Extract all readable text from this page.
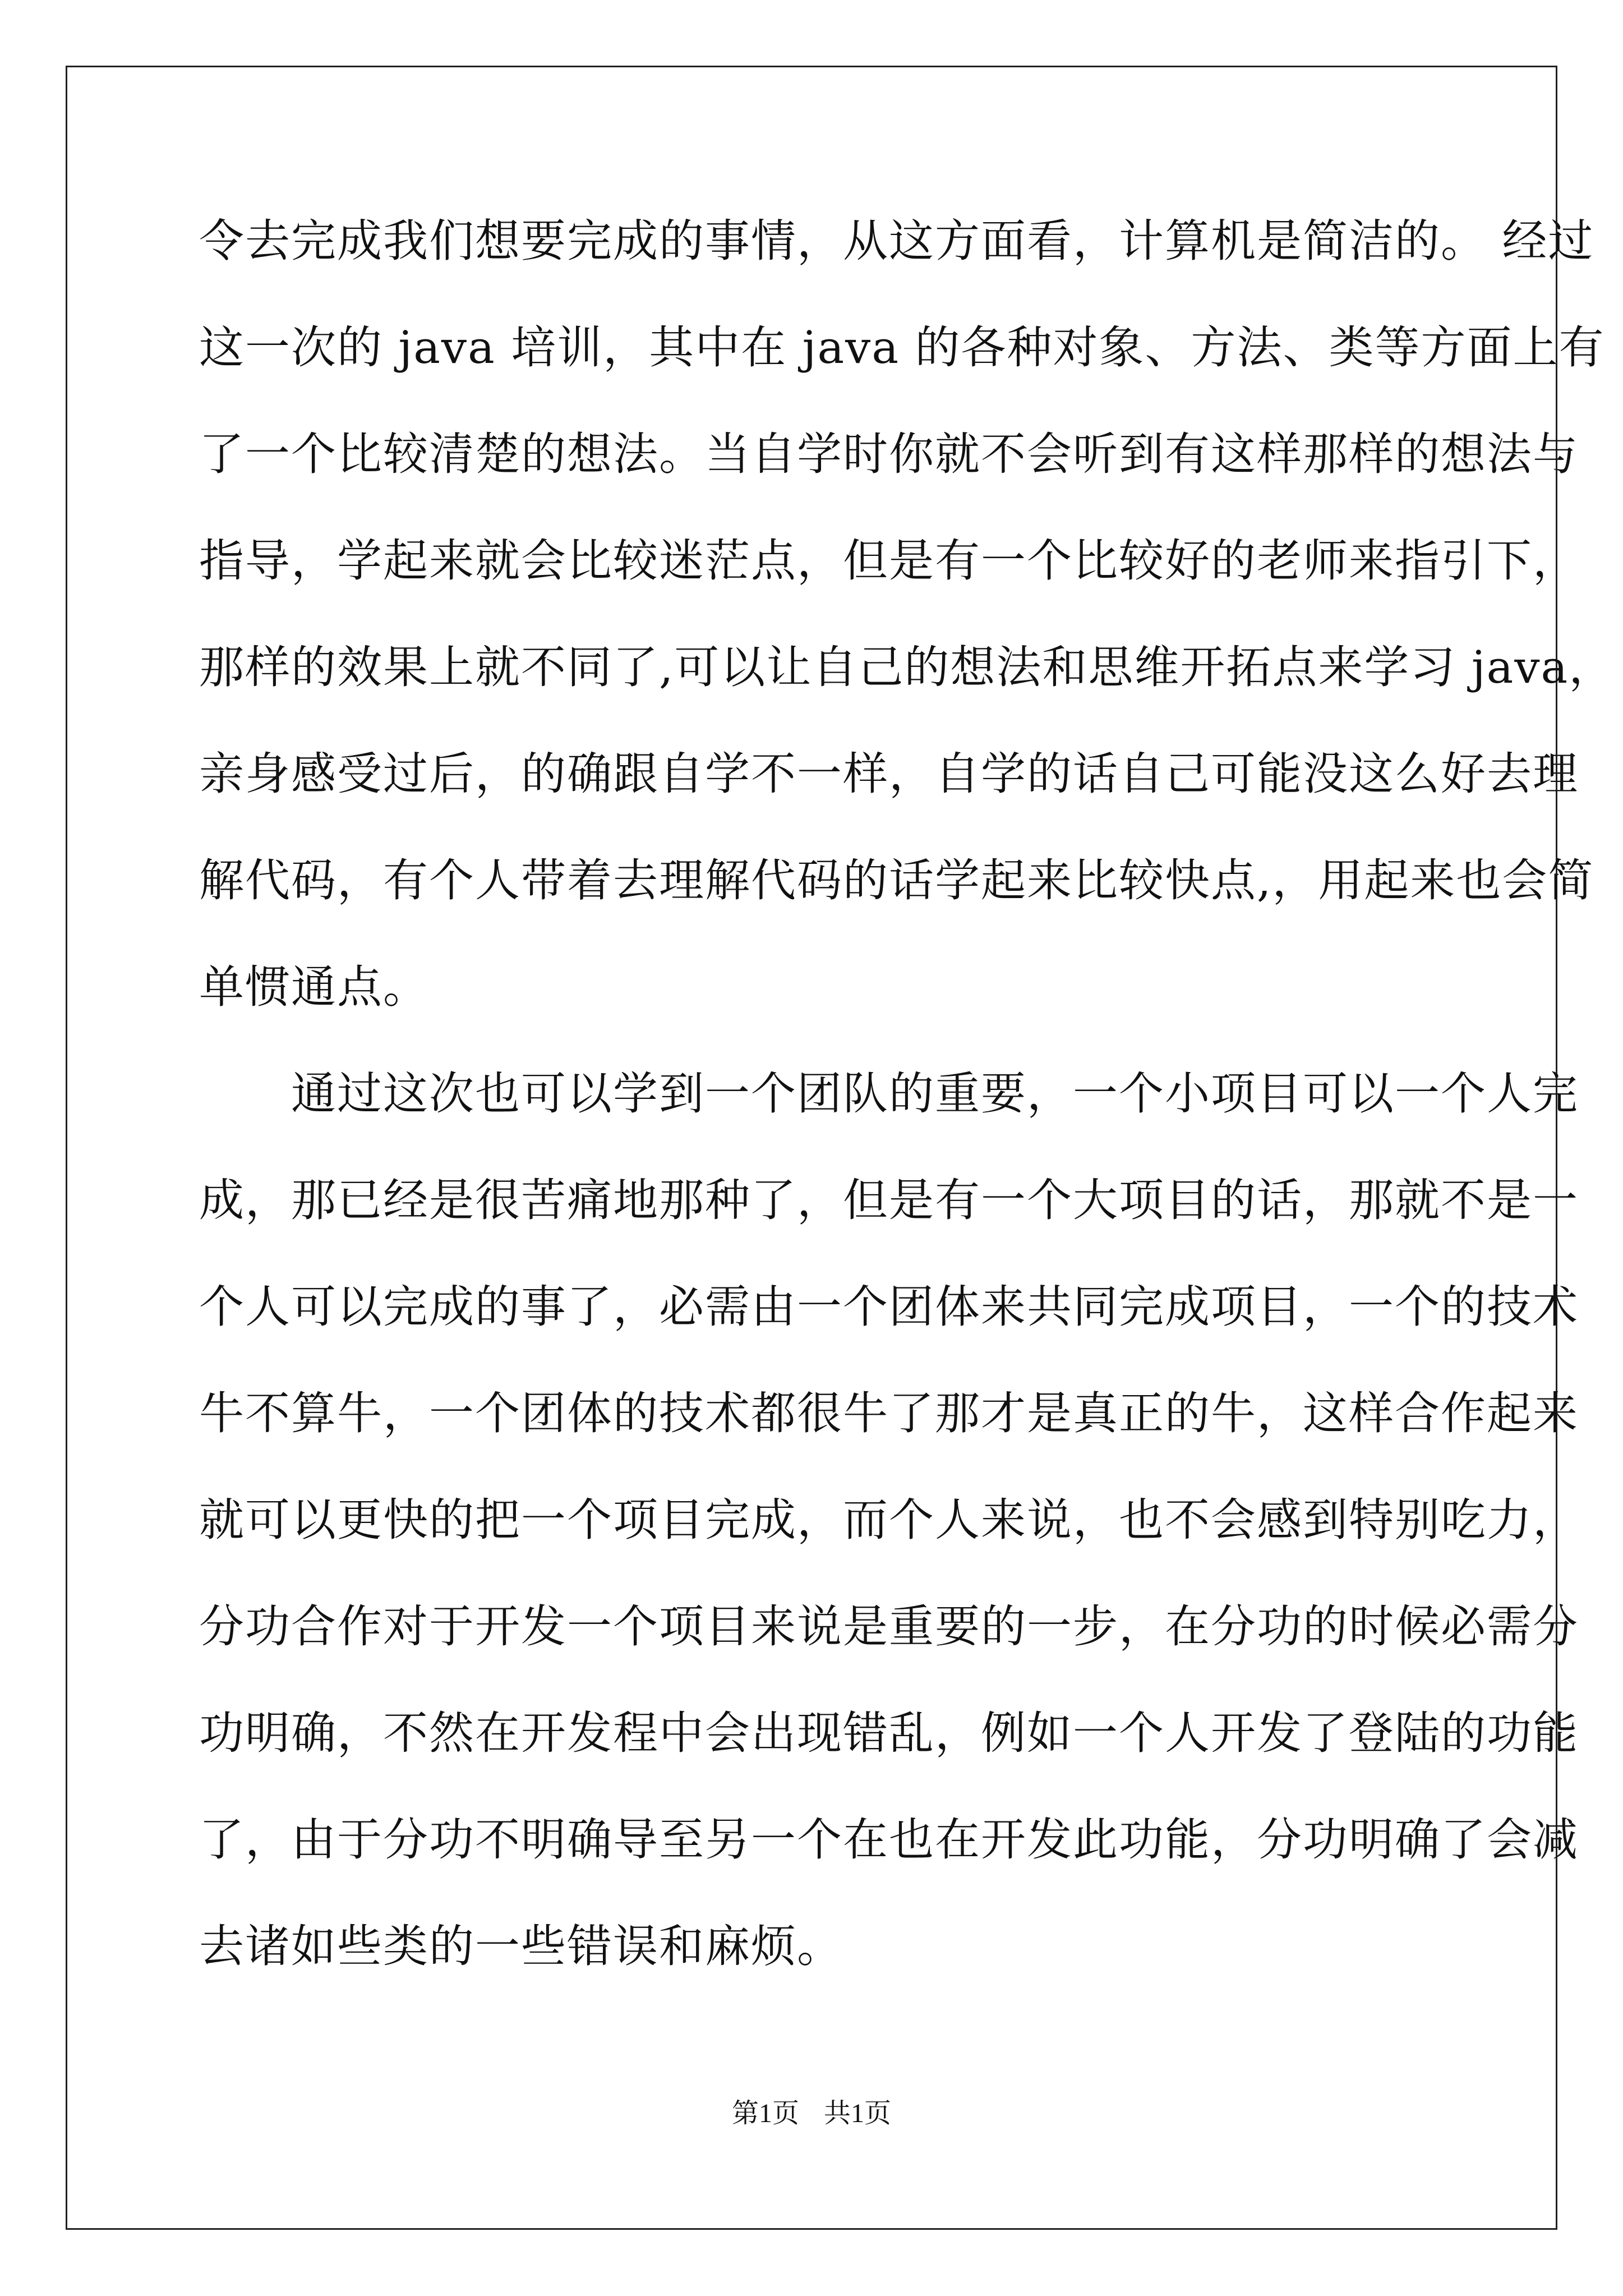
令去完成我们想要完成的事情，从这方面看，计算机是简洁的。 经过
这一次的 java 培训，其中在 java 的各种对象、方法、类等方面上有
了一个比较清楚的想法。当自学时你就不会听到有这样那样的想法与
指导，学起来就会比较迷茫点，但是有一个比较好的老师来指引下，
那样的效果上就不同了,可以让自己的想法和思维开拓点来学习 java，
亲身感受过后，的确跟自学不一样，自学的话自己可能没这么好去理
解代码，有个人带着去理解代码的话学起来比较快点,，用起来也会简
单惯通点。
　　通过这次也可以学到一个团队的重要，一个小项目可以一个人完
成，那已经是很苦痛地那种了，但是有一个大项目的话，那就不是一
个人可以完成的事了，必需由一个团体来共同完成项目，一个的技术
牛不算牛，一个团体的技术都很牛了那才是真正的牛，这样合作起来
就可以更快的把一个项目完成，而个人来说，也不会感到特别吃力，
分功合作对于开发一个项目来说是重要的一步，在分功的时候必需分
功明确，不然在开发程中会出现错乱，例如一个人开发了登陆的功能
了，由于分功不明确导至另一个在也在开发此功能，分功明确了会减
去诸如些类的一些错误和麻烦。
第1页 共1页
